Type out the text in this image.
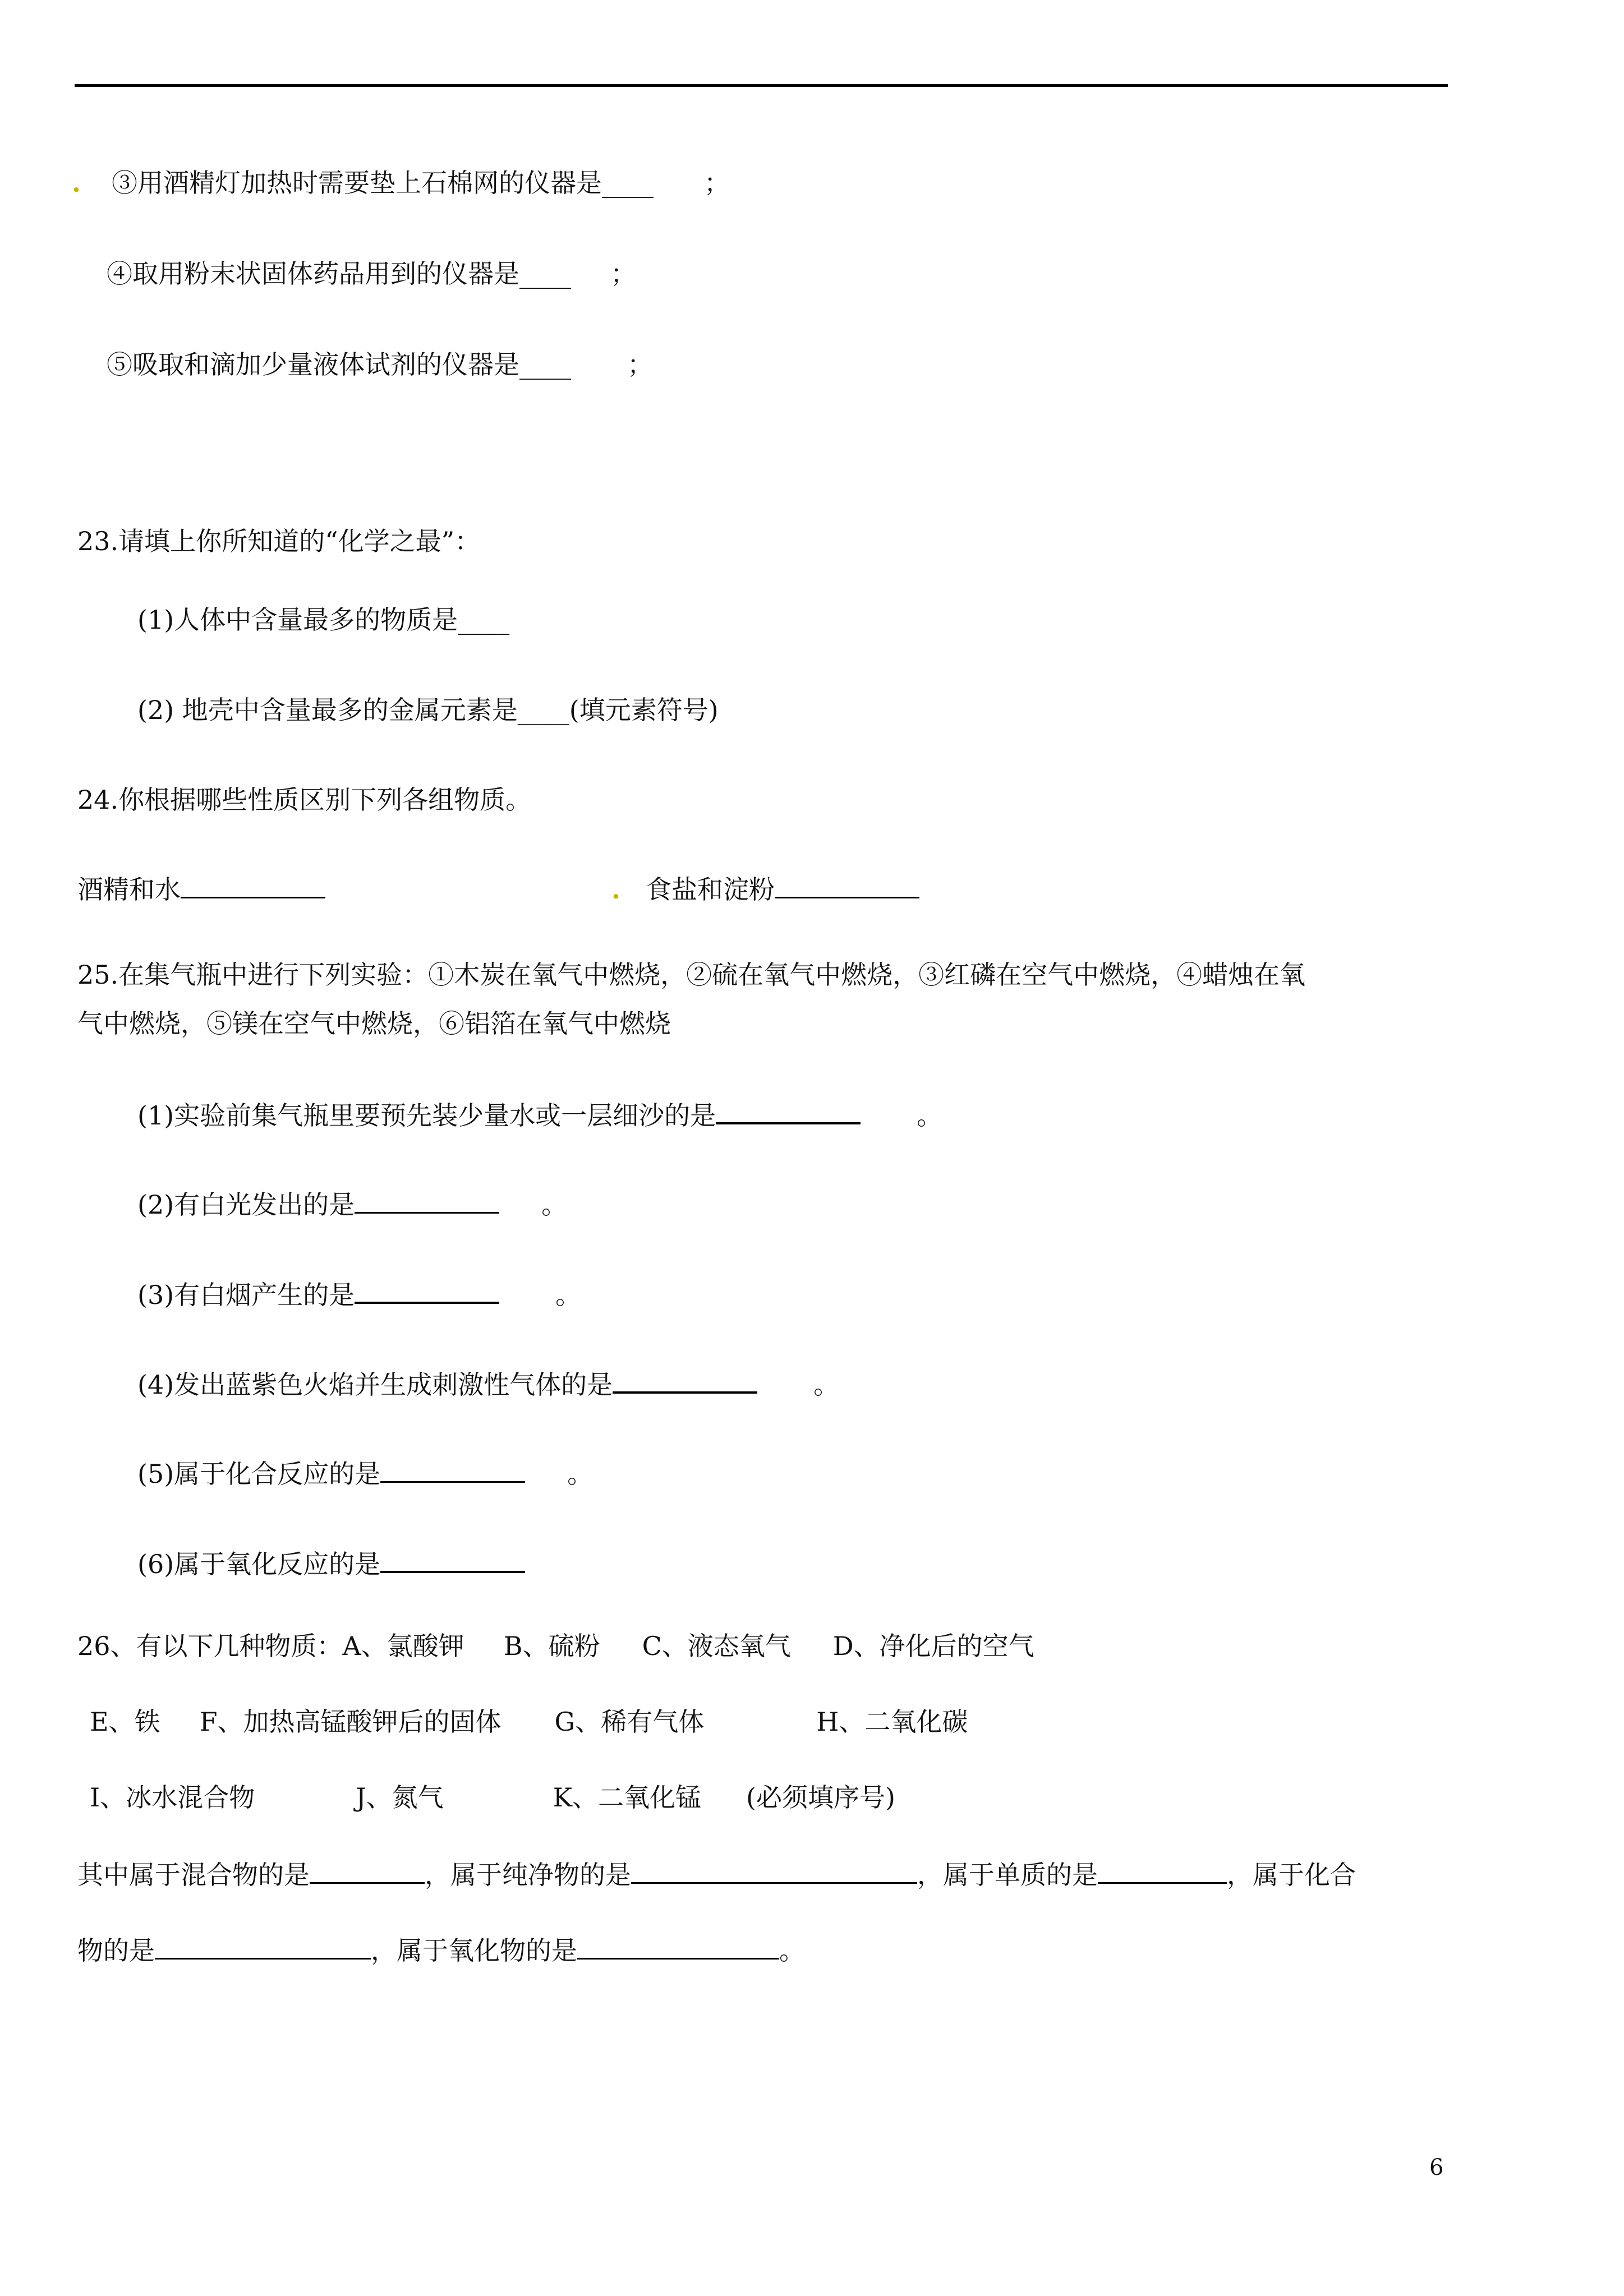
. ③用酒精灯加热时需要垫上石棉网的仪器是____ ；
④取用粉末状固体药品用到的仪器是____ ；
⑤吸取和滴加少量液体试剂的仪器是____ ；
23.请填上你所知道的“化学之最”：
(1)人体中含量最多的物质是____
(2) 地壳中含量最多的金属元素是____(填元素符号)
24.你根据哪些性质区别下列各组物质。
酒精和水	. 食盐和淀粉
25.在集气瓶中进行下列实验：①木炭在氧气中燃烧，②硫在氧气中燃烧，③红磷在空气中燃烧，④蜡烛在氧
气中燃烧，⑤镁在空气中燃烧，⑥铝箔在氧气中燃烧
(1)实验前集气瓶里要预先装少量水或一层细沙的是	。
(2)有白光发出的是	。
(3)有白烟产生的是	。
(4)发出蓝紫色火焰并生成刺激性气体的是	。
(5)属于化合反应的是	。
(6)属于氧化反应的是
26、有以下几种物质：A、氯酸钾 B、硫粉 C、液态氧气 D、净化后的空气
E、铁 F、加热高锰酸钾后的固体 G、稀有气体	H、二氧化碳
I、冰水混合物	J、氮气	K、二氧化锰 (必须填序号)
其中属于混合物的是	，属于纯净物的是	，属于单质的是	，属于化合
物的是	，属于氧化物的是	。
6
